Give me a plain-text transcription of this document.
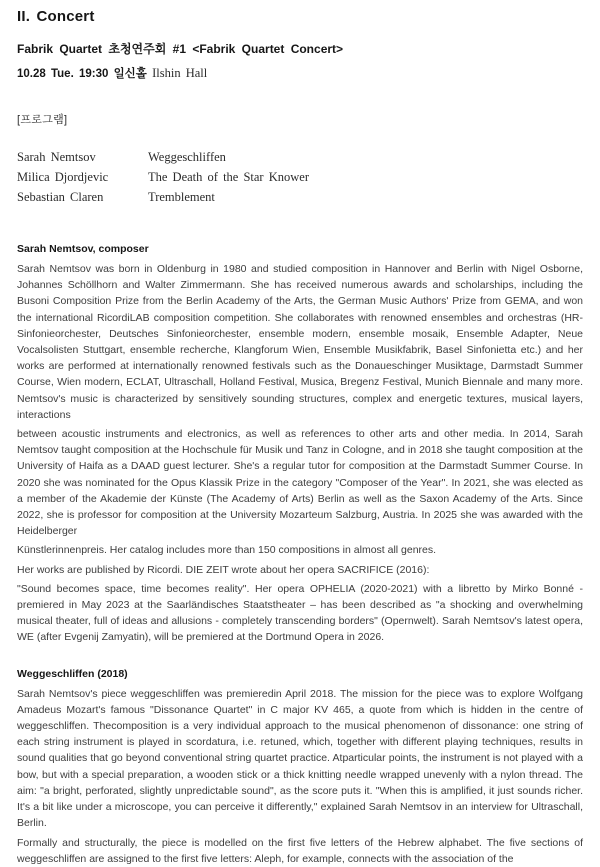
II. Concert
Fabrik Quartet 초청연주회 #1 <Fabrik Quartet Concert>
10.28 Tue. 19:30 일신홀 Ilshin Hall
[프로그램]
Sarah Nemtsov	Weggeschliffen
Milica Djordjevic	The Death of the Star Knower
Sebastian Claren	Tremblement
Sarah Nemtsov, composer

Sarah Nemtsov was born in Oldenburg in 1980 and studied composition in Hannover and Berlin with Nigel Osborne, Johannes Schöllhorn and Walter Zimmermann. She has received numerous awards and scholarships, including the Busoni Composition Prize from the Berlin Academy of the Arts, the German Music Authors' Prize from GEMA, and won the international RicordiLAB composition competition. She collaborates with renowned ensembles and orchestras (HR-Sinfonieorchester, Deutsches Sinfonieorchester, ensemble modern, ensemble mosaik, Ensemble Adapter, Neue Vocalsolisten Stuttgart, ensemble recherche, Klangforum Wien, Ensemble Musikfabrik, Basel Sinfonietta etc.) and her works are performed at internationally renowned festivals such as the Donaueschinger Musiktage, Darmstadt Summer Course, Wien modern, ECLAT, Ultraschall, Holland Festival, Musica, Bregenz Festival, Munich Biennale and many more. Nemtsov's music is characterized by sensitively sounding structures, complex and energetic textures, musical layers, interactions

between acoustic instruments and electronics, as well as references to other arts and other media. In 2014, Sarah Nemtsov taught composition at the Hochschule für Musik und Tanz in Cologne, and in 2018 she taught composition at the University of Haifa as a DAAD guest lecturer. She's a regular tutor for composition at the Darmstadt Summer Course. In 2020 she was nominated for the Opus Klassik Prize in the category "Composer of the Year". In 2021, she was elected as a member of the Akademie der Künste (The Academy of Arts) Berlin as well as the Saxon Academy of the Arts. Since 2022, she is professor for composition at the University Mozarteum Salzburg, Austria. In 2025 she was awarded with the Heidelberger

Künstlerinnenpreis. Her catalog includes more than 150 compositions in almost all genres.

Her works are published by Ricordi. DIE ZEIT wrote about her opera SACRIFICE (2016):

"Sound becomes space, time becomes reality". Her opera OPHELIA (2020-2021) with a libretto by Mirko Bonné - premiered in May 2023 at the Saarländisches Staatstheater – has been described as "a shocking and overwhelming musical theater, full of ideas and allusions - completely transcending borders" (Opernwelt). Sarah Nemtsov's latest opera, WE (after Evgenij Zamyatin), will be premiered at the Dortmund Opera in 2026.

Weggeschliffen (2018)

Sarah Nemtsov's piece weggeschliffen was premieredin April 2018. The mission for the piece was to explore Wolfgang Amadeus Mozart's famous "Dissonance Quartet" in C major KV 465, a quote from which is hidden in the centre of weggeschliffen. Thecomposition is a very individual approach to the musical phenomenon of dissonance: one string of each string instrument is played in scordatura, i.e. retuned, which, together with different playing techniques, results in sound qualities that go beyond conventional string quartet practice. Atparticular points, the instrument is not played with a bow, but with a special preparation, a wooden stick or a thick knitting needle wrapped unevenly with a nylon thread. The aim: "a bright, perforated, slightly unpredictable sound", as the score puts it. "When this is amplified, it just sounds richer. It's a bit like under a microscope, you can perceive it differently," explained Sarah Nemtsov in an interview for Ultraschall, Berlin.

Formally and structurally, the piece is modelled on the first five letters of the Hebrew alphabet. The five sections of weggeschliffen are assigned to the first five letters: Aleph, for example, connects with the association of the
